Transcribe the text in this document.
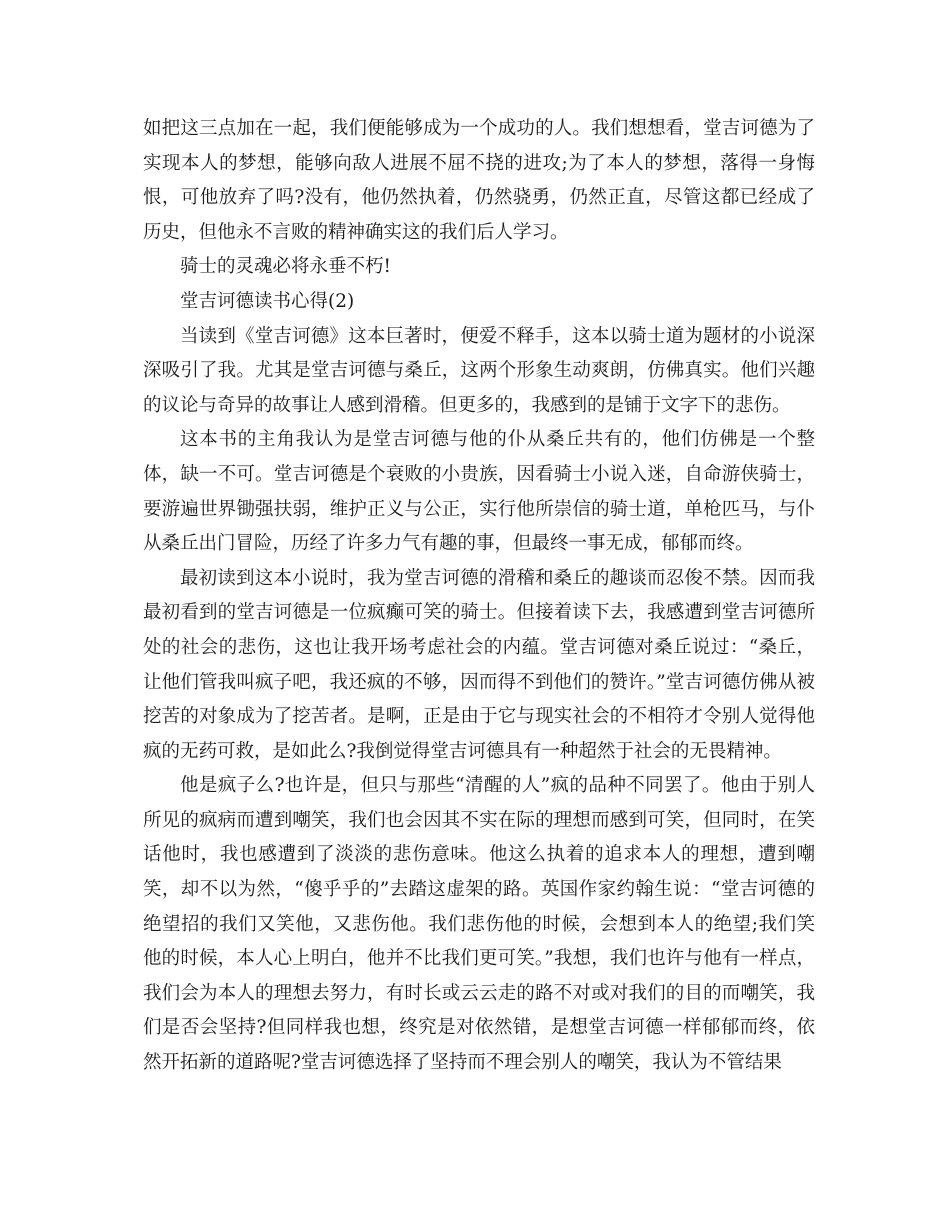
如把这三点加在一起，我们便能够成为一个成功的人。我们想想看，堂吉诃德为了实现本人的梦想，能够向敌人进展不屈不挠的进攻;为了本人的梦想，落得一身悔恨，可他放弃了吗?没有，他仍然执着，仍然骁勇，仍然正直，尽管这都已经成了历史，但他永不言败的精神确实这的我们后人学习。

骑士的灵魂必将永垂不朽!

堂吉诃德读书心得(2)

当读到《堂吉诃德》这本巨著时，便爱不释手，这本以骑士道为题材的小说深深吸引了我。尤其是堂吉诃德与桑丘，这两个形象生动爽朗，仿佛真实。他们兴趣的议论与奇异的故事让人感到滑稽。但更多的，我感到的是铺于文字下的悲伤。

这本书的主角我认为是堂吉诃德与他的仆从桑丘共有的，他们仿佛是一个整体，缺一不可。堂吉诃德是个衰败的小贵族，因看骑士小说入迷，自命游侠骑士，要游遍世界锄强扶弱，维护正义与公正，实行他所崇信的骑士道，单枪匹马，与仆从桑丘出门冒险，历经了许多力气有趣的事，但最终一事无成，郁郁而终。

最初读到这本小说时，我为堂吉诃德的滑稽和桑丘的趣谈而忍俊不禁。因而我最初看到的堂吉诃德是一位疯癫可笑的骑士。但接着读下去，我感遭到堂吉诃德所处的社会的悲伤，这也让我开场考虑社会的内蕴。堂吉诃德对桑丘说过：“桑丘，让他们管我叫疯子吧，我还疯的不够，因而得不到他们的赞许。”堂吉诃德仿佛从被挖苦的对象成为了挖苦者。是啊，正是由于它与现实社会的不相符才令别人觉得他疯的无药可救，是如此么?我倒觉得堂吉诃德具有一种超然于社会的无畏精神。

他是疯子么?也许是，但只与那些“清醒的人”疯的品种不同罢了。他由于别人所见的疯病而遭到嘲笑，我们也会因其不实在际的理想而感到可笑，但同时，在笑话他时，我也感遭到了淡淡的悲伤意味。他这么执着的追求本人的理想，遭到嘲笑，却不以为然，“傻乎乎的”去踏这虚架的路。英国作家约翰生说：“堂吉诃德的绝望招的我们又笑他，又悲伤他。我们悲伤他的时候，会想到本人的绝望;我们笑他的时候，本人心上明白，他并不比我们更可笑。”我想，我们也许与他有一样点，我们会为本人的理想去努力，有时长或云云走的路不对或对我们的目的而嘲笑，我们是否会坚持?但同样我也想，终究是对依然错，是想堂吉诃德一样郁郁而终，依然开拓新的道路呢?堂吉诃德选择了坚持而不理会别人的嘲笑，我认为不管结果
